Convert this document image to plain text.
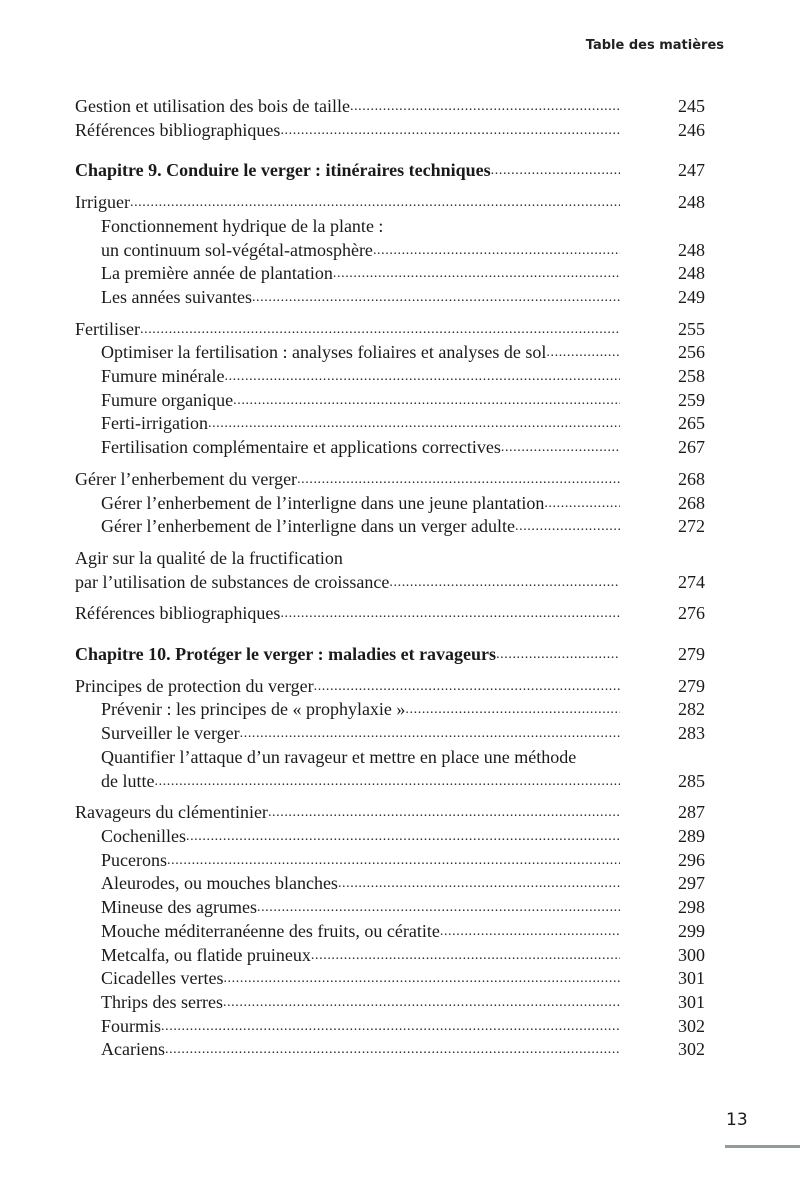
Table des matières
Gestion et utilisation des bois de taille .....	245
Références bibliographiques .....	246
Chapitre 9. Conduire le verger : itinéraires techniques .....	247
Irriguer .....	248
Fonctionnement hydrique de la plante :
un continuum sol-végétal-atmosphère .....	248
La première année de plantation .....	248
Les années suivantes .....	249
Fertiliser .....	255
Optimiser la fertilisation : analyses foliaires et analyses de sol .....	256
Fumure minérale .....	258
Fumure organique .....	259
Ferti-irrigation .....	265
Fertilisation complémentaire et applications correctives .....	267
Gérer l’enherbement du verger .....	268
Gérer l’enherbement de l’interligne dans une jeune plantation .....	268
Gérer l’enherbement de l’interligne dans un verger adulte .....	272
Agir sur la qualité de la fructification
par l’utilisation de substances de croissance .....	274
Références bibliographiques .....	276
Chapitre 10. Protéger le verger : maladies et ravageurs .....	279
Principes de protection du verger .....	279
Prévenir : les principes de « prophylaxie » .....	282
Surveiller le verger .....	283
Quantifier l’attaque d’un ravageur et mettre en place une méthode
de lutte .....	285
Ravageurs du clémentinier .....	287
Cochenilles .....	289
Pucerons .....	296
Aleurodes, ou mouches blanches .....	297
Mineuse des agrumes .....	298
Mouche méditerranéenne des fruits, ou cératite .....	299
Metcalfa, ou flatide pruineux .....	300
Cicadelles vertes .....	301
Thrips des serres .....	301
Fourmis .....	302
Acariens .....	302
13
